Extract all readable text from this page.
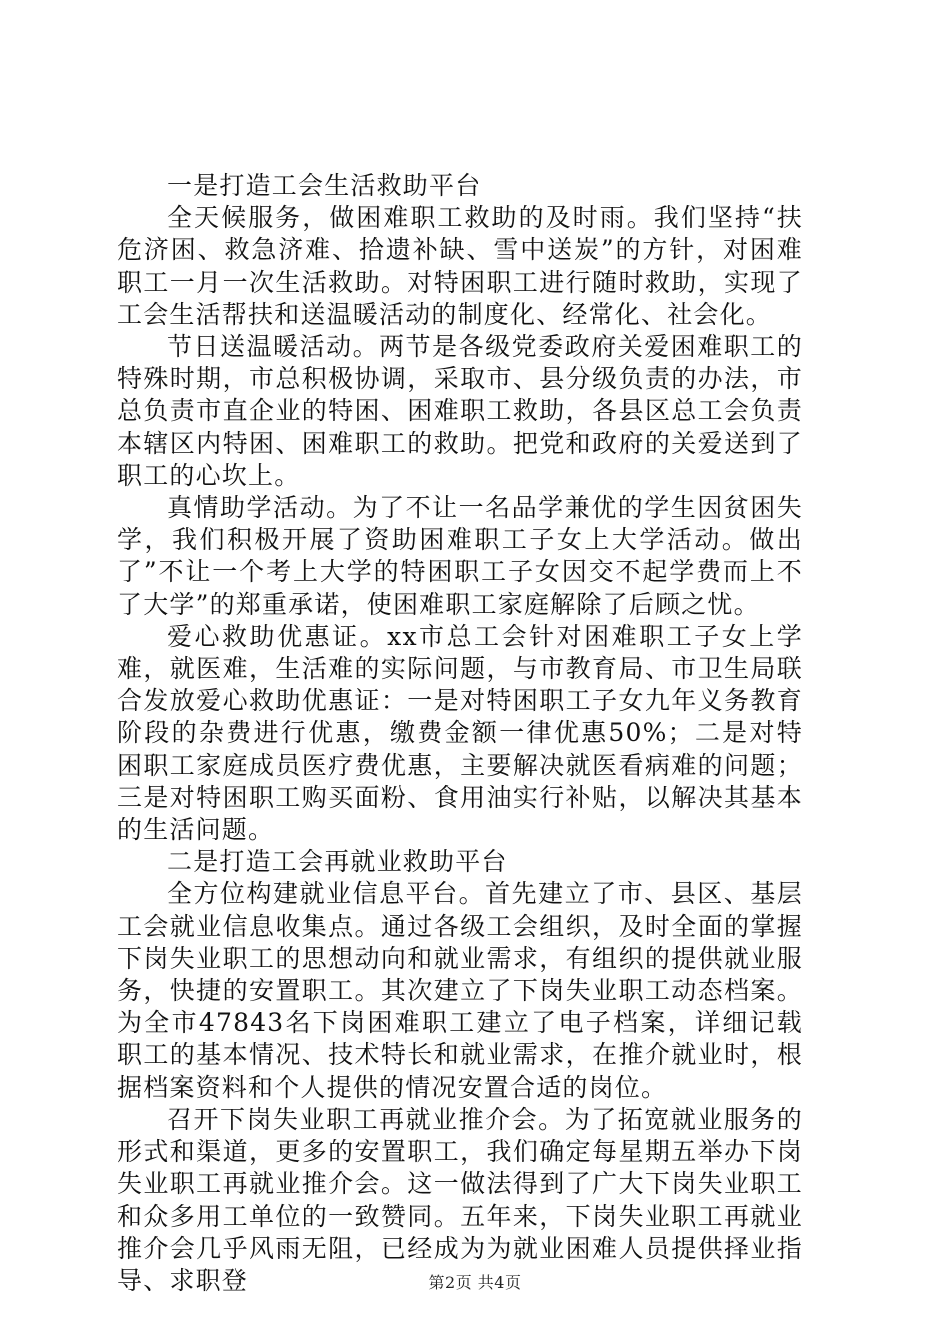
一是打造工会生活救助平台

全天候服务，做困难职工救助的及时雨。我们坚持“扶危济困、救急济难、拾遗补缺、雪中送炭”的方针，对困难职工一月一次生活救助。对特困职工进行随时救助，实现了工会生活帮扶和送温暖活动的制度化、经常化、社会化。

节日送温暖活动。两节是各级党委政府关爱困难职工的特殊时期，市总积极协调，采取市、县分级负责的办法，市总负责市直企业的特困、困难职工救助，各县区总工会负责本辖区内特困、困难职工的救助。把党和政府的关爱送到了职工的心坎上。

真情助学活动。为了不让一名品学兼优的学生因贫困失学，我们积极开展了资助困难职工子女上大学活动。做出了”不让一个考上大学的特困职工子女因交不起学费而上不了大学”的郑重承诺，使困难职工家庭解除了后顾之忧。

爱心救助优惠证。xx市总工会针对困难职工子女上学难，就医难，生活难的实际问题，与市教育局、市卫生局联合发放爱心救助优惠证：一是对特困职工子女九年义务教育阶段的杂费进行优惠，缴费金额一律优惠50%；二是对特困职工家庭成员医疗费优惠，主要解决就医看病难的问题；三是对特困职工购买面粉、食用油实行补贴，以解决其基本的生活问题。

二是打造工会再就业救助平台

全方位构建就业信息平台。首先建立了市、县区、基层工会就业信息收集点。通过各级工会组织，及时全面的掌握下岗失业职工的思想动向和就业需求，有组织的提供就业服务，快捷的安置职工。其次建立了下岗失业职工动态档案。为全市47843名下岗困难职工建立了电子档案，详细记载职工的基本情况、技术特长和就业需求，在推介就业时，根据档案资料和个人提供的情况安置合适的岗位。

召开下岗失业职工再就业推介会。为了拓宽就业服务的形式和渠道，更多的安置职工，我们确定每星期五举办下岗失业职工再就业推介会。这一做法得到了广大下岗失业职工和众多用工单位的一致赞同。五年来，下岗失业职工再就业推介会几乎风雨无阻，已经成为为就业困难人员提供择业指导、求职登	第2页 共4页
